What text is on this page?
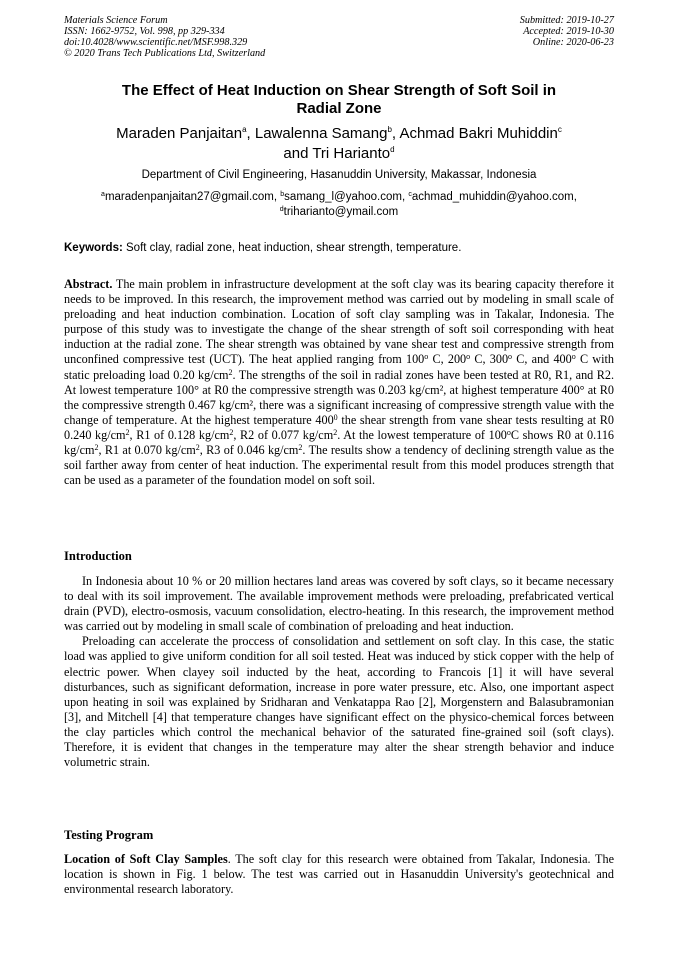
Materials Science Forum
ISSN: 1662-9752, Vol. 998, pp 329-334
doi:10.4028/www.scientific.net/MSF.998.329
© 2020 Trans Tech Publications Ltd, Switzerland
Submitted: 2019-10-27
Accepted: 2019-10-30
Online: 2020-06-23
The Effect of Heat Induction on Shear Strength of Soft Soil in
Radial Zone
Maraden Panjaitan$^a$, Lawalenna Samang$^b$, Achmad Bakri Muhiddin$^c$
and Tri Harianto$^d$
Department of Civil Engineering, Hasanuddin University, Makassar, Indonesia
$^a$maradenpanjaitan27@gmail.com, $^b$samang_l@yahoo.com, $^c$achmad_muhiddin@yahoo.com,
$^d$triharianto@ymail.com
Keywords: Soft clay, radial zone, heat induction, shear strength, temperature.
Abstract. The main problem in infrastructure development at the soft clay was its bearing capacity therefore it needs to be improved. In this research, the improvement method was carried out by modeling in small scale of preloading and heat induction combination. Location of soft clay sampling was in Takalar, Indonesia. The purpose of this study was to investigate the change of the shear strength of soft soil corresponding with heat induction at the radial zone. The shear strength was obtained by vane shear test and compressive strength from unconfined compressive test (UCT). The heat applied ranging from 100$^o$ C, 200$^o$ C, 300$^o$ C, and 400$^o$ C with static preloading load 0.20 $kg/cm^2$. The strengths of the soil in radial zones have been tested at R0, R1, and R2. At lowest temperature 100° at R0 the compressive strength was 0.203 kg/cm², at highest temperature 400° at R0 the compressive strength 0.467 kg/cm², there was a significant increasing of compressive strength value with the change of temperature. At the highest temperature $400^0$ the shear strength from vane shear tests resulting at R0 0.240 $kg/cm^2$, R1 of 0.128 $kg/cm^2$, R2 of 0.077 $kg/cm^2$. At the lowest temperature of 100$^o$C shows R0 at 0.116 $kg/cm^2$, R1 at 0.070 $kg/cm^2$, R3 of 0.046 $kg/cm^2$. The results show a tendency of declining strength value as the soil farther away from center of heat induction. The experimental result from this model produces strength that can be used as a parameter of the foundation model on soft soil.
Introduction

In Indonesia about 10 % or 20 million hectares land areas was covered by soft clays, so it became necessary to deal with its soil improvement. The available improvement methods were preloading, prefabricated vertical drain (PVD), electro-osmosis, vacuum consolidation, electro-heating. In this research, the improvement method was carried out by modeling in small scale of combination of preloading and heat induction.

Preloading can accelerate the proccess of consolidation and settlement on soft clay. In this case, the static load was applied to give uniform condition for all soil tested. Heat was induced by stick copper with the help of electric power. When clayey soil inducted by the heat, according to Francois [1] it will have several disturbances, such as significant deformation, increase in pore water pressure, etc. Also, one important aspect upon heating in soil was explained by Sridharan and Venkatappa Rao [2], Morgenstern and Balasubramonian [3], and Mitchell [4] that temperature changes have significant effect on the physico-chemical forces between the clay particles which control the mechanical behavior of the saturated fine-grained soil (soft clays). Therefore, it is evident that changes in the temperature may alter the shear strength behavior and induce volumetric strain.

Testing Program

Location of Soft Clay Samples. The soft clay for this research were obtained from Takalar, Indonesia. The location is shown in Fig. 1 below. The test was carried out in Hasanuddin University's geotechnical and environmental research laboratory.
